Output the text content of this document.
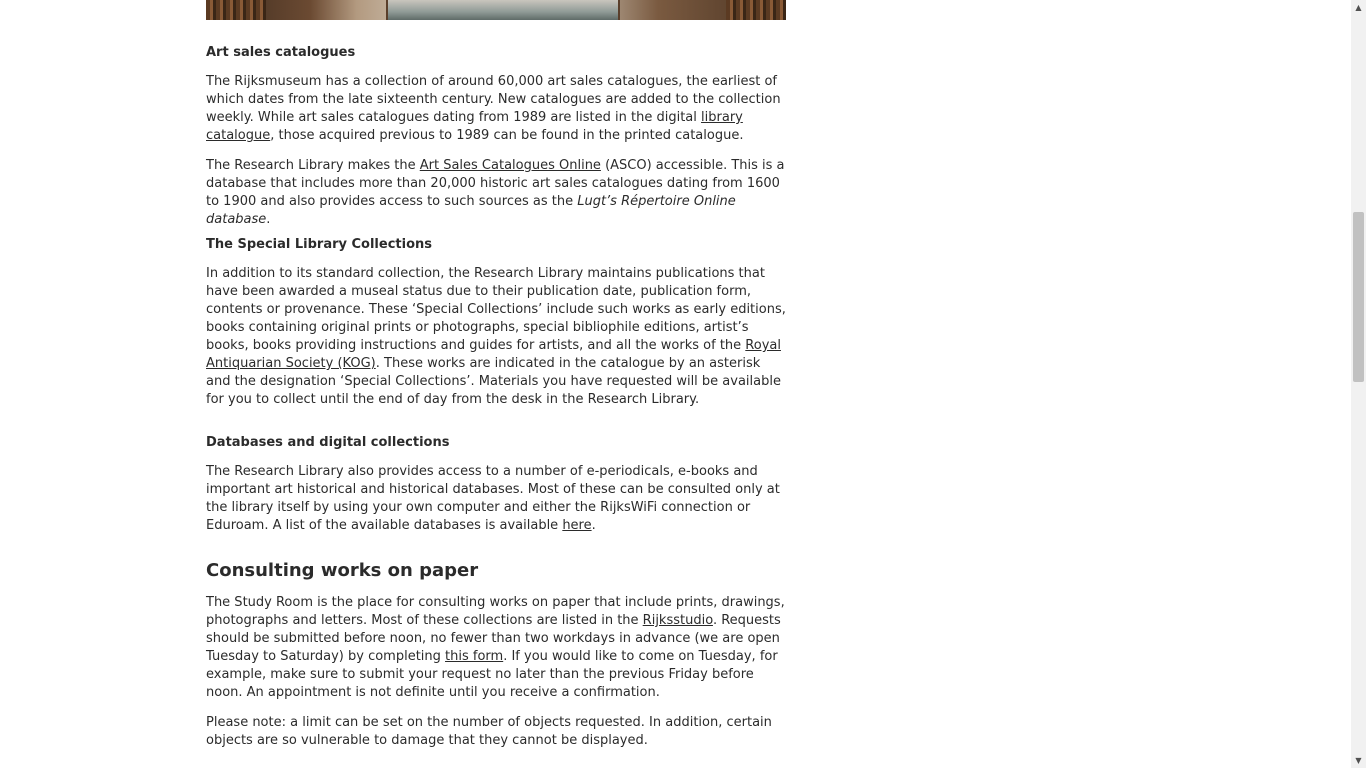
Art sales catalogues

The Rijksmuseum has a collection of around 60,000 art sales catalogues, the earliest of which dates from the late sixteenth century. New catalogues are added to the collection weekly. While art sales catalogues dating from 1989 are listed in the digital library catalogue, those acquired previous to 1989 can be found in the printed catalogue.

The Research Library makes the Art Sales Catalogues Online (ASCO) accessible. This is a database that includes more than 20,000 historic art sales catalogues dating from 1600 to 1900 and also provides access to such sources as the Lugt’s Répertoire Online database.

The Special Library Collections

In addition to its standard collection, the Research Library maintains publications that have been awarded a museal status due to their publication date, publication form, contents or provenance. These ‘Special Collections’ include such works as early editions, books containing original prints or photographs, special bibliophile editions, artist’s books, books providing instructions and guides for artists, and all the works of the Royal Antiquarian Society (KOG). These works are indicated in the catalogue by an asterisk and the designation ‘Special Collections’. Materials you have requested will be available for you to collect until the end of day from the desk in the Research Library.

Databases and digital collections

The Research Library also provides access to a number of e-periodicals, e-books and important art historical and historical databases. Most of these can be consulted only at the library itself by using your own computer and either the RijksWiFi connection or Eduroam. A list of the available databases is available here.

Consulting works on paper

The Study Room is the place for consulting works on paper that include prints, drawings, photographs and letters. Most of these collections are listed in the Rijksstudio. Requests should be submitted before noon, no fewer than two workdays in advance (we are open Tuesday to Saturday) by completing this form. If you would like to come on Tuesday, for example, make sure to submit your request no later than the previous Friday before noon. An appointment is not definite until you receive a confirmation.

Please note: a limit can be set on the number of objects requested. In addition, certain objects are so vulnerable to damage that they cannot be displayed.

▲
▼
